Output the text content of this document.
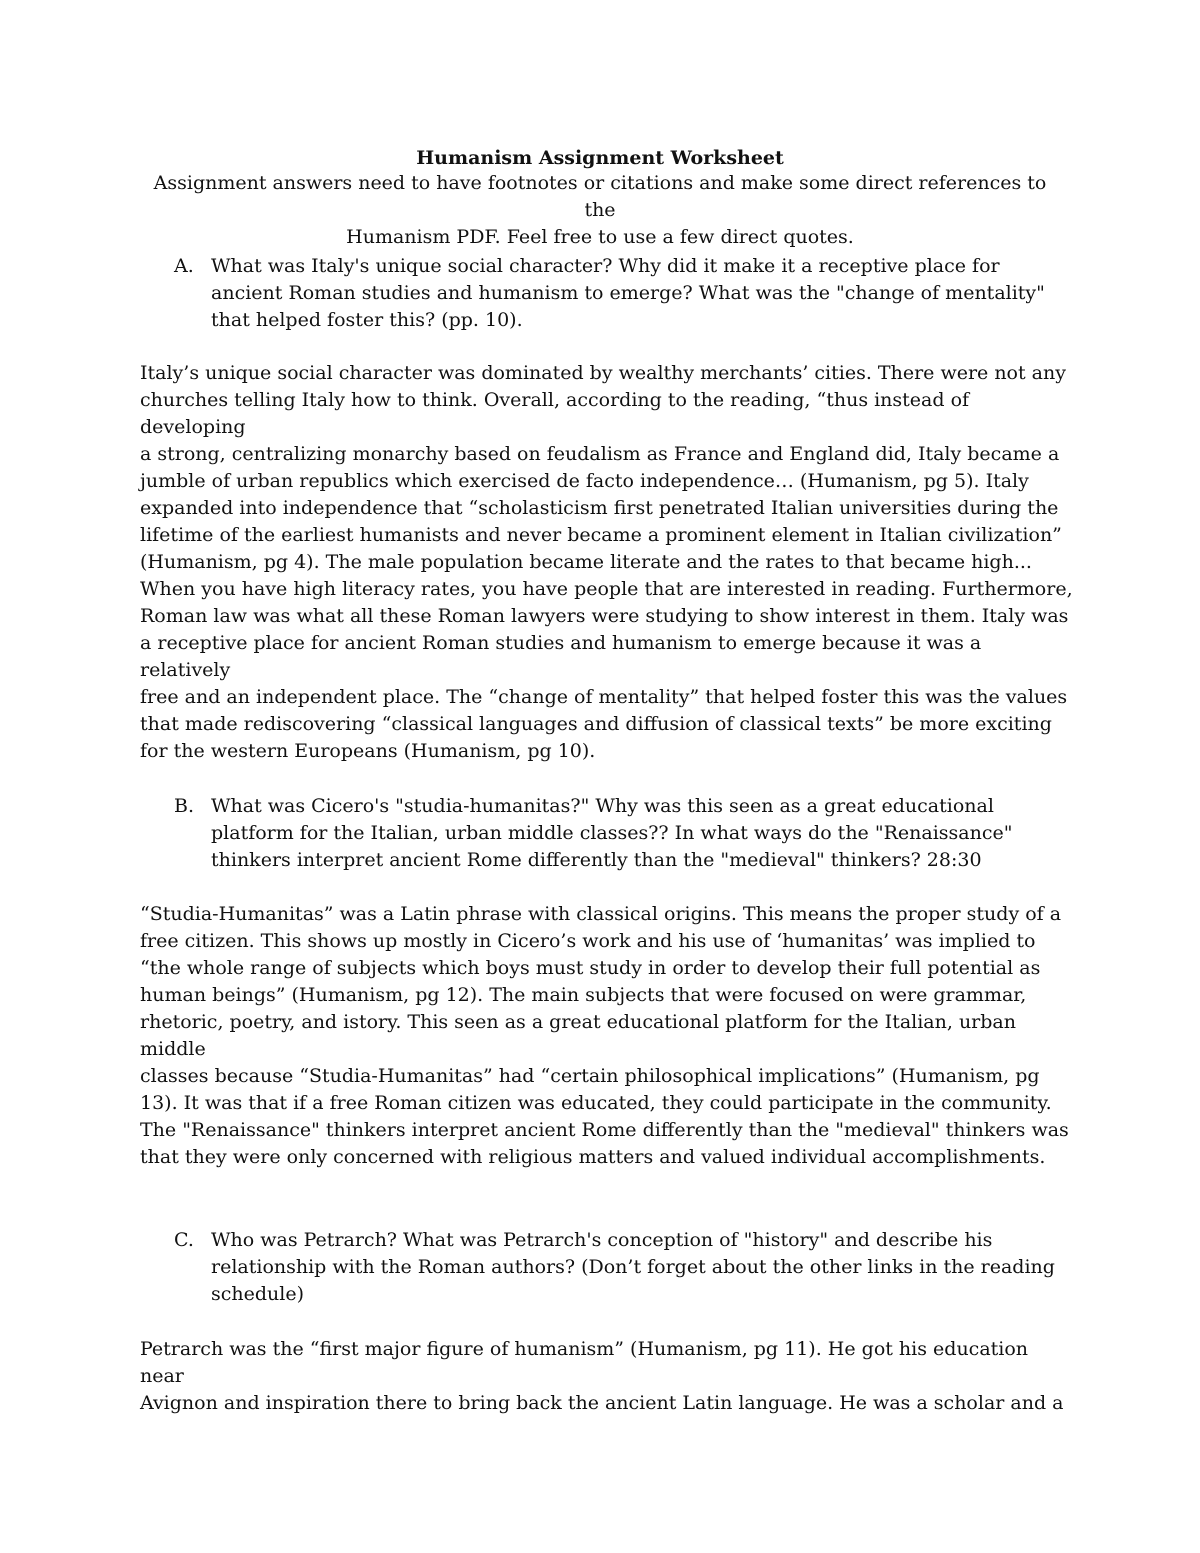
Humanism Assignment Worksheet
Assignment answers need to have footnotes or citations and make some direct references to the
Humanism PDF. Feel free to use a few direct quotes.
A. What was Italy's unique social character? Why did it make it a receptive place for
ancient Roman studies and humanism to emerge? What was the "change of mentality"
that helped foster this? (pp. 10).
Italy’s unique social character was dominated by wealthy merchants’ cities. There were not any
churches telling Italy how to think. Overall, according to the reading, “thus instead of developing
a strong, centralizing monarchy based on feudalism as France and England did, Italy became a
jumble of urban republics which exercised de facto independence… (Humanism, pg 5). Italy
expanded into independence that “scholasticism first penetrated Italian universities during the
lifetime of the earliest humanists and never became a prominent element in Italian civilization”
(Humanism, pg 4). The male population became literate and the rates to that became high...
When you have high literacy rates, you have people that are interested in reading. Furthermore,
Roman law was what all these Roman lawyers were studying to show interest in them. Italy was
a receptive place for ancient Roman studies and humanism to emerge because it was a relatively
free and an independent place. The “change of mentality” that helped foster this was the values
that made rediscovering “classical languages and diffusion of classical texts” be more exciting
for the western Europeans (Humanism, pg 10).
B. What was Cicero's "studia-humanitas?" Why was this seen as a great educational
platform for the Italian, urban middle classes?? In what ways do the "Renaissance"
thinkers interpret ancient Rome differently than the "medieval" thinkers? 28:30
“Studia-Humanitas” was a Latin phrase with classical origins. This means the proper study of a
free citizen. This shows up mostly in Cicero’s work and his use of ‘humanitas’ was implied to
“the whole range of subjects which boys must study in order to develop their full potential as
human beings” (Humanism, pg 12). The main subjects that were focused on were grammar,
rhetoric, poetry, and istory. This seen as a great educational platform for the Italian, urban middle
classes because “Studia-Humanitas” had “certain philosophical implications” (Humanism, pg
13). It was that if a free Roman citizen was educated, they could participate in the community.
The "Renaissance" thinkers interpret ancient Rome differently than the "medieval" thinkers was
that they were only concerned with religious matters and valued individual accomplishments.
C. Who was Petrarch? What was Petrarch's conception of "history" and describe his
relationship with the Roman authors? (Don’t forget about the other links in the reading
schedule)
Petrarch was the “first major figure of humanism” (Humanism, pg 11). He got his education near
Avignon and inspiration there to bring back the ancient Latin language. He was a scholar and a
